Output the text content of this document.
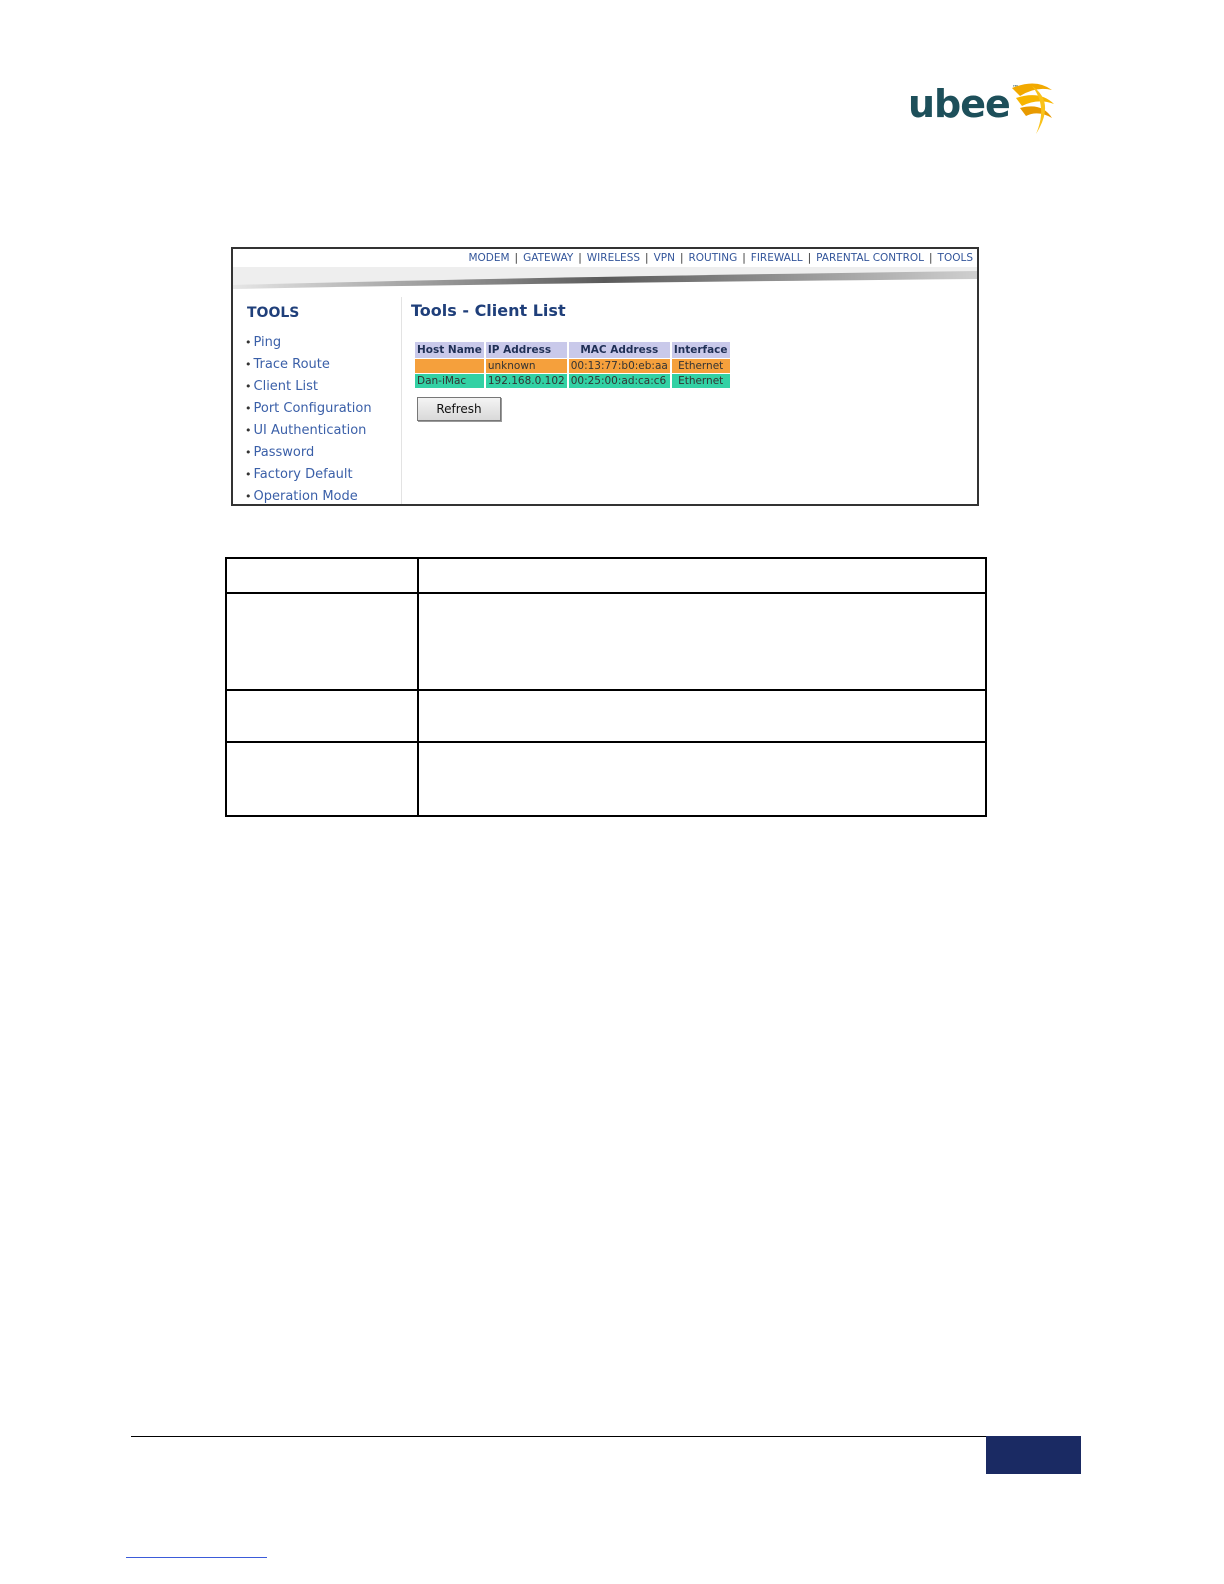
ubee
MODEM | GATEWAY | WIRELESS | VPN | ROUTING | FIREWALL | PARENTAL CONTROL | TOOLS
TOOLS
• Ping
• Trace Route
• Client List
• Port Configuration
• UI Authentication
• Password
• Factory Default
• Operation Mode
Tools - Client List
Host Name	IP Address	MAC Address	Interface
	unknown	00:13:77:b0:eb:aa	Ethernet
Dan-iMac	192.168.0.102	00:25:00:ad:ca:c6	Ethernet
Refresh
